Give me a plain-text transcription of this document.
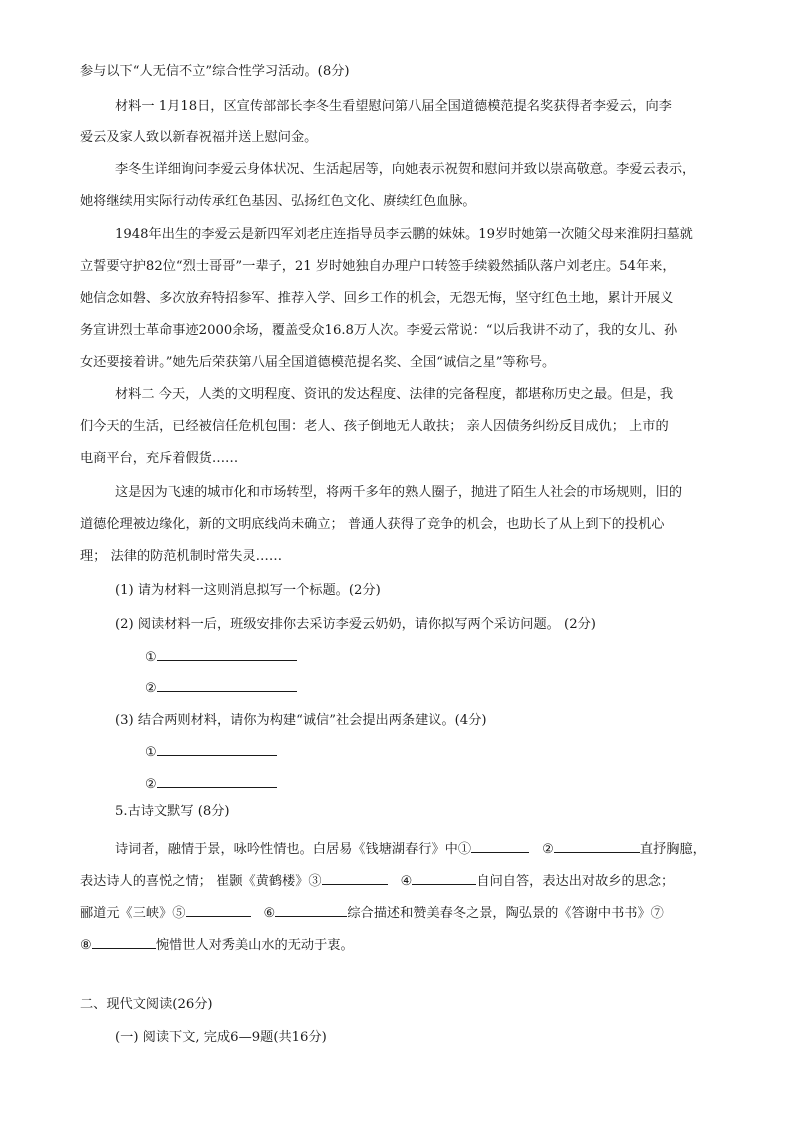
参与以下“人无信不立”综合性学习活动。(8分)
材料一 1月18日，区宣传部部长李冬生看望慰问第八届全国道德模范提名奖获得者李爱云，向李
爱云及家人致以新春祝福并送上慰问金。
李冬生详细询问李爱云身体状况、生活起居等，向她表示祝贺和慰问并致以崇高敬意。李爱云表示，
她将继续用实际行动传承红色基因、弘扬红色文化、赓续红色血脉。
1948年出生的李爱云是新四军刘老庄连指导员李云鹏的妹妹。19岁时她第一次随父母来淮阴扫墓就
立誓要守护82位“烈士哥哥”一辈子，21 岁时她独自办理户口转签手续毅然插队落户刘老庄。54年来，
她信念如磐、多次放弃特招参军、推荐入学、回乡工作的机会，无怨无悔，坚守红色土地，累计开展义
务宣讲烈士革命事迹2000余场，覆盖受众16.8万人次。李爱云常说：“以后我讲不动了，我的女儿、孙
女还要接着讲。”她先后荣获第八届全国道德模范提名奖、全国“诚信之星”等称号。
材料二 今天，人类的文明程度、资讯的发达程度、法律的完备程度，都堪称历史之最。但是，我
们今天的生活，已经被信任危机包围：老人、孩子倒地无人敢扶； 亲人因债务纠纷反目成仇； 上市的
电商平台，充斥着假货……
这是因为飞速的城市化和市场转型，将两千多年的熟人圈子，抛进了陌生人社会的市场规则，旧的
道德伦理被边缘化，新的文明底线尚未确立； 普通人获得了竞争的机会，也助长了从上到下的投机心
理； 法律的防范机制时常失灵……
(1) 请为材料一这则消息拟写一个标题。(2分)
(2) 阅读材料一后，班级安排你去采访李爱云奶奶，请你拟写两个采访问题。 (2分)
①
②
(3) 结合两则材料，请你为构建“诚信”社会提出两条建议。(4分)
①
②
5.古诗文默写 (8分)
诗词者，融情于景，咏吟性情也。白居易《钱塘湖春行》中①	②	直抒胸臆，
表达诗人的喜悦之情； 崔颢《黄鹤楼》③	④	自问自答，表达出对故乡的思念；
郦道元《三峡》⑤	⑥	综合描述和赞美春冬之景，陶弘景的《答谢中书书》⑦
⑧	惋惜世人对秀美山水的无动于衷。
二、现代文阅读(26分)
(一) 阅读下文, 完成6—9题(共16分)
